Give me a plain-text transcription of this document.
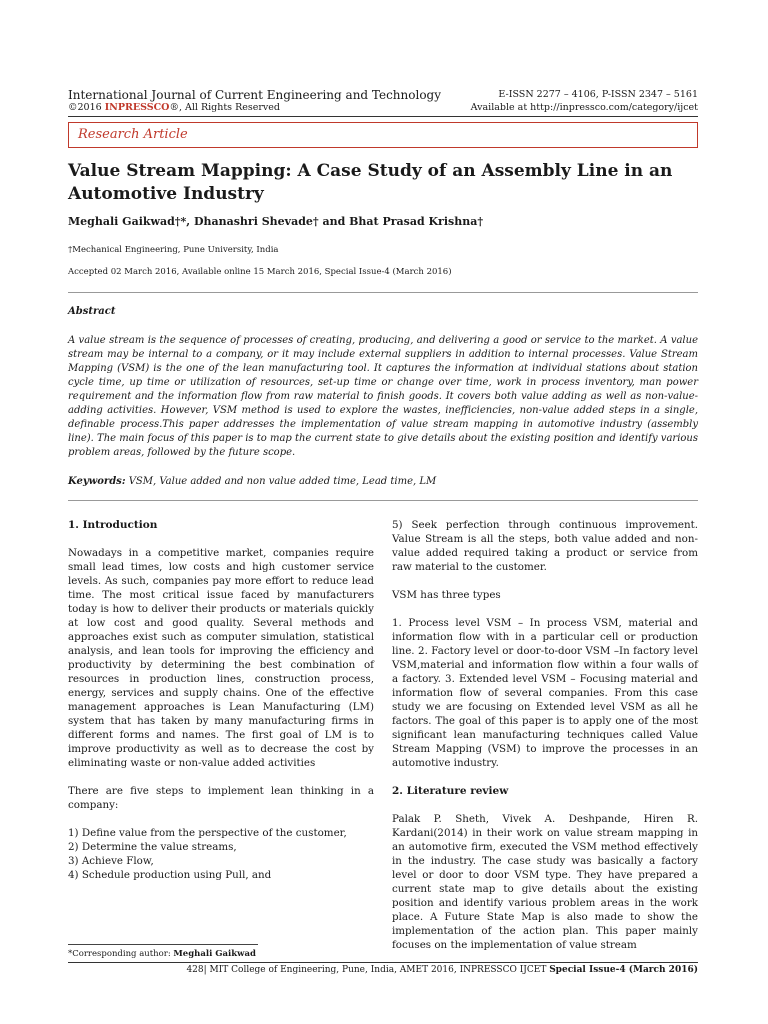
International Journal of Current Engineering and Technology
©2016 INPRESSCO®, All Rights Reserved
E-ISSN 2277 – 4106, P-ISSN 2347 – 5161
Available at http://inpressco.com/category/ijcet
Research Article
Value Stream Mapping: A Case Study of an Assembly Line in an Automotive Industry
Meghali Gaikwad†*, Dhanashri Shevade† and Bhat Prasad Krishna†
†Mechanical Engineering, Pune University, India
Accepted 02 March 2016, Available online 15 March 2016, Special Issue-4 (March 2016)
Abstract
A value stream is the sequence of processes of creating, producing, and delivering a good or service to the market. A value stream may be internal to a company, or it may include external suppliers in addition to internal processes. Value Stream Mapping (VSM) is the one of the lean manufacturing tool. It captures the information at individual stations about station cycle time, up time or utilization of resources, set-up time or change over time, work in process inventory, man power requirement and the information flow from raw material to finish goods. It covers both value adding as well as non-value-adding activities. However, VSM method is used to explore the wastes, inefficiencies, non-value added steps in a single, definable process.This paper addresses the implementation of value stream mapping in automotive industry (assembly line). The main focus of this paper is to map the current state to give details about the existing position and identify various problem areas, followed by the future scope.
Keywords: VSM, Value added and non value added time, Lead time, LM
1. Introduction

Nowadays in a competitive market, companies require small lead times, low costs and high customer service levels. As such, companies pay more effort to reduce lead time. The most critical issue faced by manufacturers today is how to deliver their products or materials quickly at low cost and good quality. Several methods and approaches exist such as computer simulation, statistical analysis, and lean tools for improving the efficiency and productivity by determining the best combination of resources in production lines, construction process, energy, services and supply chains. One of the effective management approaches is Lean Manufacturing (LM) system that has taken by many manufacturing firms in different forms and names. The first goal of LM is to improve productivity as well as to decrease the cost by eliminating waste or non-value added activities

There are five steps to implement lean thinking in a company:

1) Define value from the perspective of the customer,
2) Determine the value streams,
3) Achieve Flow,
4) Schedule production using Pull, and

5) Seek perfection through continuous improvement. Value Stream is all the steps, both value added and non-value added required taking a product or service from raw material to the customer.

VSM has three types

1. Process level VSM – In process VSM, material and information flow with in a particular cell or production line. 2. Factory level or door-to-door VSM –In factory level VSM,material and information flow within a four walls of a factory. 3. Extended level VSM – Focusing material and information flow of several companies. From this case study we are focusing on Extended level VSM as all he factors. The goal of this paper is to apply one of the most significant lean manufacturing techniques called Value Stream Mapping (VSM) to improve the processes in an automotive industry.

2. Literature review

Palak P. Sheth, Vivek A. Deshpande, Hiren R. Kardani(2014) in their work on value stream mapping in an automotive firm, executed the VSM method effectively in the industry. The case study was basically a factory level or door to door VSM type. They have prepared a current state map to give details about the existing position and identify various problem areas in the work place. A Future State Map is also made to show the implementation of the action plan. This paper mainly focuses on the implementation of value stream

*Corresponding author: Meghali Gaikwad
428| MIT College of Engineering, Pune, India, AMET 2016, INPRESSCO IJCET Special Issue-4 (March 2016)
